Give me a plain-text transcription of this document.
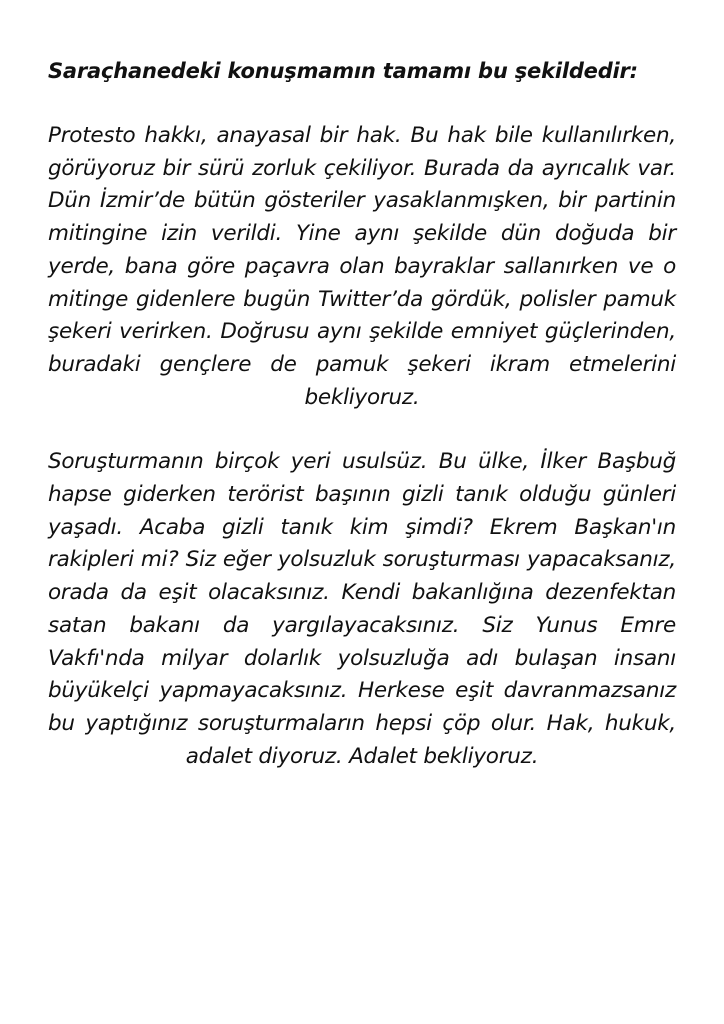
Saraçhanedeki konuşmamın tamamı bu şekildedir:

Protesto hakkı, anayasal bir hak. Bu hak bile kullanılırken, görüyoruz bir sürü zorluk çekiliyor. Burada da ayrıcalık var. Dün İzmir’de bütün gösteriler yasaklanmışken, bir partinin mitingine izin verildi. Yine aynı şekilde dün doğuda bir yerde, bana göre paçavra olan bayraklar sallanırken ve o mitinge gidenlere bugün Twitter’da gördük, polisler pamuk şekeri verirken. Doğrusu aynı şekilde emniyet güçlerinden, buradaki gençlere de pamuk şekeri ikram etmelerini bekliyoruz.

Soruşturmanın birçok yeri usulsüz. Bu ülke, İlker Başbuğ hapse giderken terörist başının gizli tanık olduğu günleri yaşadı. Acaba gizli tanık kim şimdi? Ekrem Başkan'ın rakipleri mi? Siz eğer yolsuzluk soruşturması yapacaksanız, orada da eşit olacaksınız. Kendi bakanlığına dezenfektan satan bakanı da yargılayacaksınız. Siz Yunus Emre Vakfı'nda milyar dolarlık yolsuzluğa adı bulaşan insanı büyükelçi yapmayacaksınız. Herkese eşit davranmazsanız bu yaptığınız soruşturmaların hepsi çöp olur. Hak, hukuk, adalet diyoruz. Adalet bekliyoruz.
